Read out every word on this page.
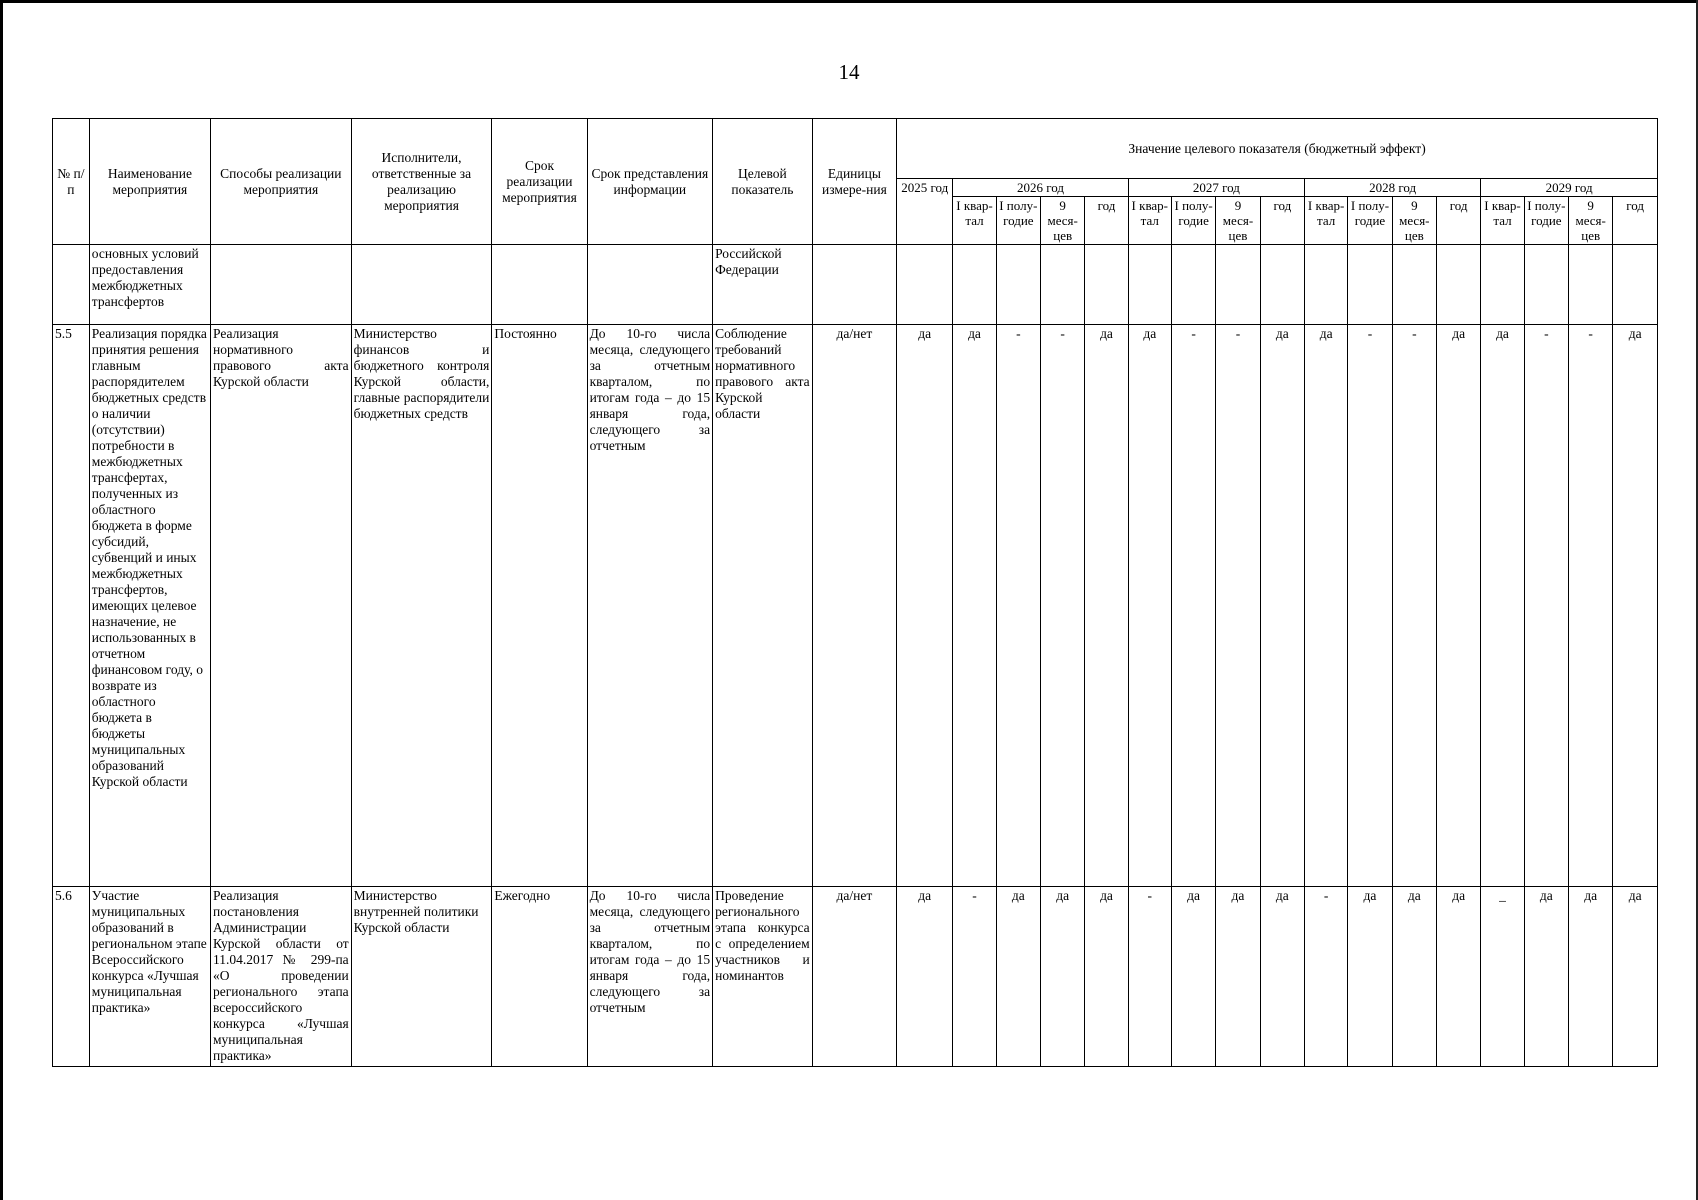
14
№ п/п	Наименование мероприятия	Способы реализации мероприятия	Исполнители, ответственные за реализацию мероприятия	Срок реализации мероприятия	Срок представления информации	Целевой показатель	Единицы измере-ния	Значение целевого показателя (бюджетный эффект)																
								2025 год	2026 год				2027 год				2028 год				2029 год			
									I квар-тал	I полу-годие	9 меся-цев	год	I квар-тал	I полу-годие	9 меся-цев	год	I квар-тал	I полу-годие	9 меся-цев	год	I квар-тал	I полу-годие	9 меся-цев	год
	основных условий предоставления межбюджетных трансфертов					Российской Федерации																		
5.5	Реализация порядка принятия решения главным распорядителем бюджетных средств о наличии (отсутствии) потребности в межбюджетных трансфертах, полученных из областного бюджета в форме субсидий, субвенций и иных межбюджетных трансфертов, имеющих целевое назначение, не использованных в отчетном финансовом году, о возврате из областного бюджета в бюджеты муниципальных образований Курской области	Реализация нормативного правового акта Курской области	Министерство финансов и бюджетного контроля Курской области, главные распорядители бюджетных средств	Постоянно	До 10-го числа месяца, следующего за отчетным кварталом, по итогам года – до 15 января года, следующего за отчетным	Соблюдение требований нормативного правового акта Курской области	да/нет	да	да	-	-	да	да	-	-	да	да	-	-	да	да	-	-	да
5.6	Участие муниципальных образований в региональном этапе Всероссийского конкурса «Лучшая муниципальная практика»	Реализация постановления Администрации Курской области от 11.04.2017 № 299-па «О проведении регионального этапа всероссийского конкурса «Лучшая муниципальная практика»	Министерство внутренней политики Курской области	Ежегодно	До 10-го числа месяца, следующего за отчетным кварталом, по итогам года – до 15 января года, следующего за отчетным	Проведение регионального этапа конкурса с определением участников и номинантов	да/нет	да	-	да	да	да	-	да	да	да	-	да	да	да	_	да	да	да
